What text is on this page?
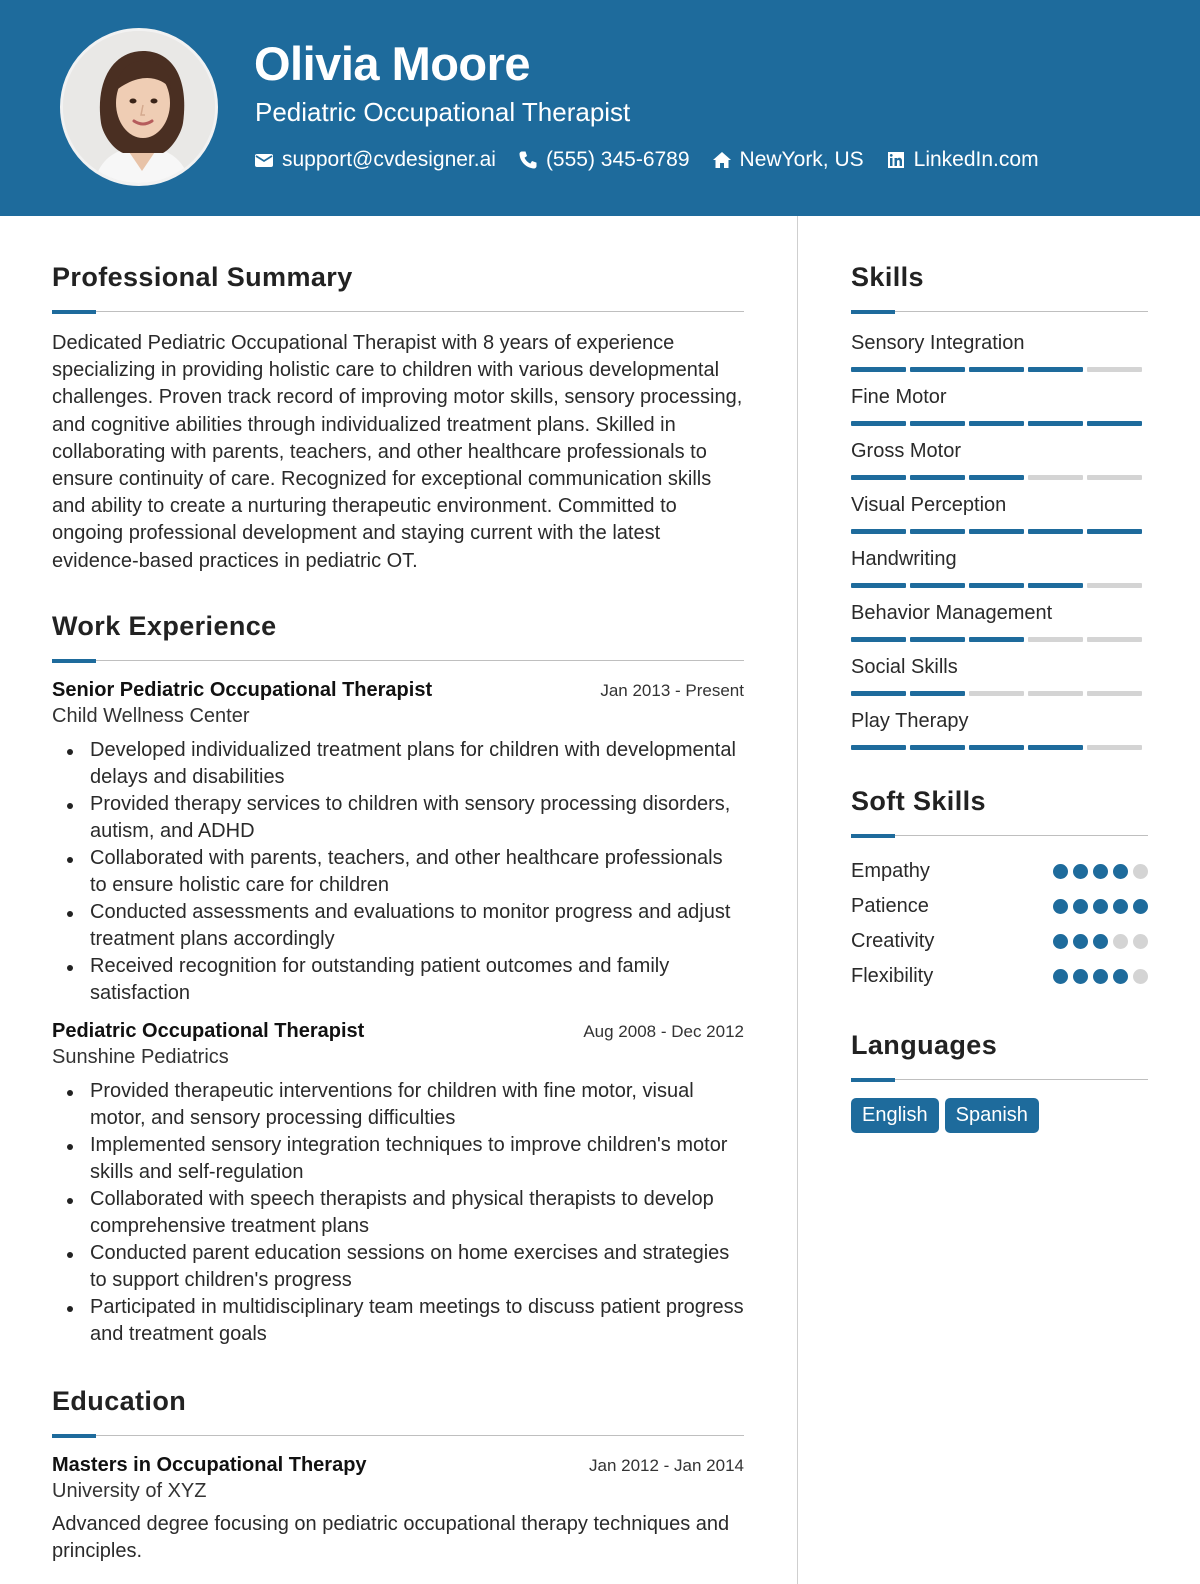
Olivia Moore
Pediatric Occupational Therapist
support@cvdesigner.ai (555) 345-6789 NewYork, US LinkedIn.com
Professional Summary

Dedicated Pediatric Occupational Therapist with 8 years of experience specializing in providing holistic care to children with various developmental challenges. Proven track record of improving motor skills, sensory processing, and cognitive abilities through individualized treatment plans. Skilled in collaborating with parents, teachers, and other healthcare professionals to ensure continuity of care. Recognized for exceptional communication skills and ability to create a nurturing therapeutic environment. Committed to ongoing professional development and staying current with the latest evidence-based practices in pediatric OT.

Work Experience
Senior Pediatric Occupational Therapist	Jan 2013 - Present
Child Wellness Center
Developed individualized treatment plans for children with developmental delays and disabilities
Provided therapy services to children with sensory processing disorders, autism, and ADHD
Collaborated with parents, teachers, and other healthcare professionals to ensure holistic care for children
Conducted assessments and evaluations to monitor progress and adjust treatment plans accordingly
Received recognition for outstanding patient outcomes and family satisfaction
Pediatric Occupational Therapist	Aug 2008 - Dec 2012
Sunshine Pediatrics
Provided therapeutic interventions for children with fine motor, visual motor, and sensory processing difficulties
Implemented sensory integration techniques to improve children's motor skills and self-regulation
Collaborated with speech therapists and physical therapists to develop comprehensive treatment plans
Conducted parent education sessions on home exercises and strategies to support children's progress
Participated in multidisciplinary team meetings to discuss patient progress and treatment goals
Education
Masters in Occupational Therapy	Jan 2012 - Jan 2014
University of XYZ

Advanced degree focusing on pediatric occupational therapy techniques and principles.

Skills
Sensory Integration
Fine Motor
Gross Motor
Visual Perception
Handwriting
Behavior Management
Social Skills
Play Therapy
Soft Skills
Empathy
Patience
Creativity
Flexibility
Languages
English	Spanish
